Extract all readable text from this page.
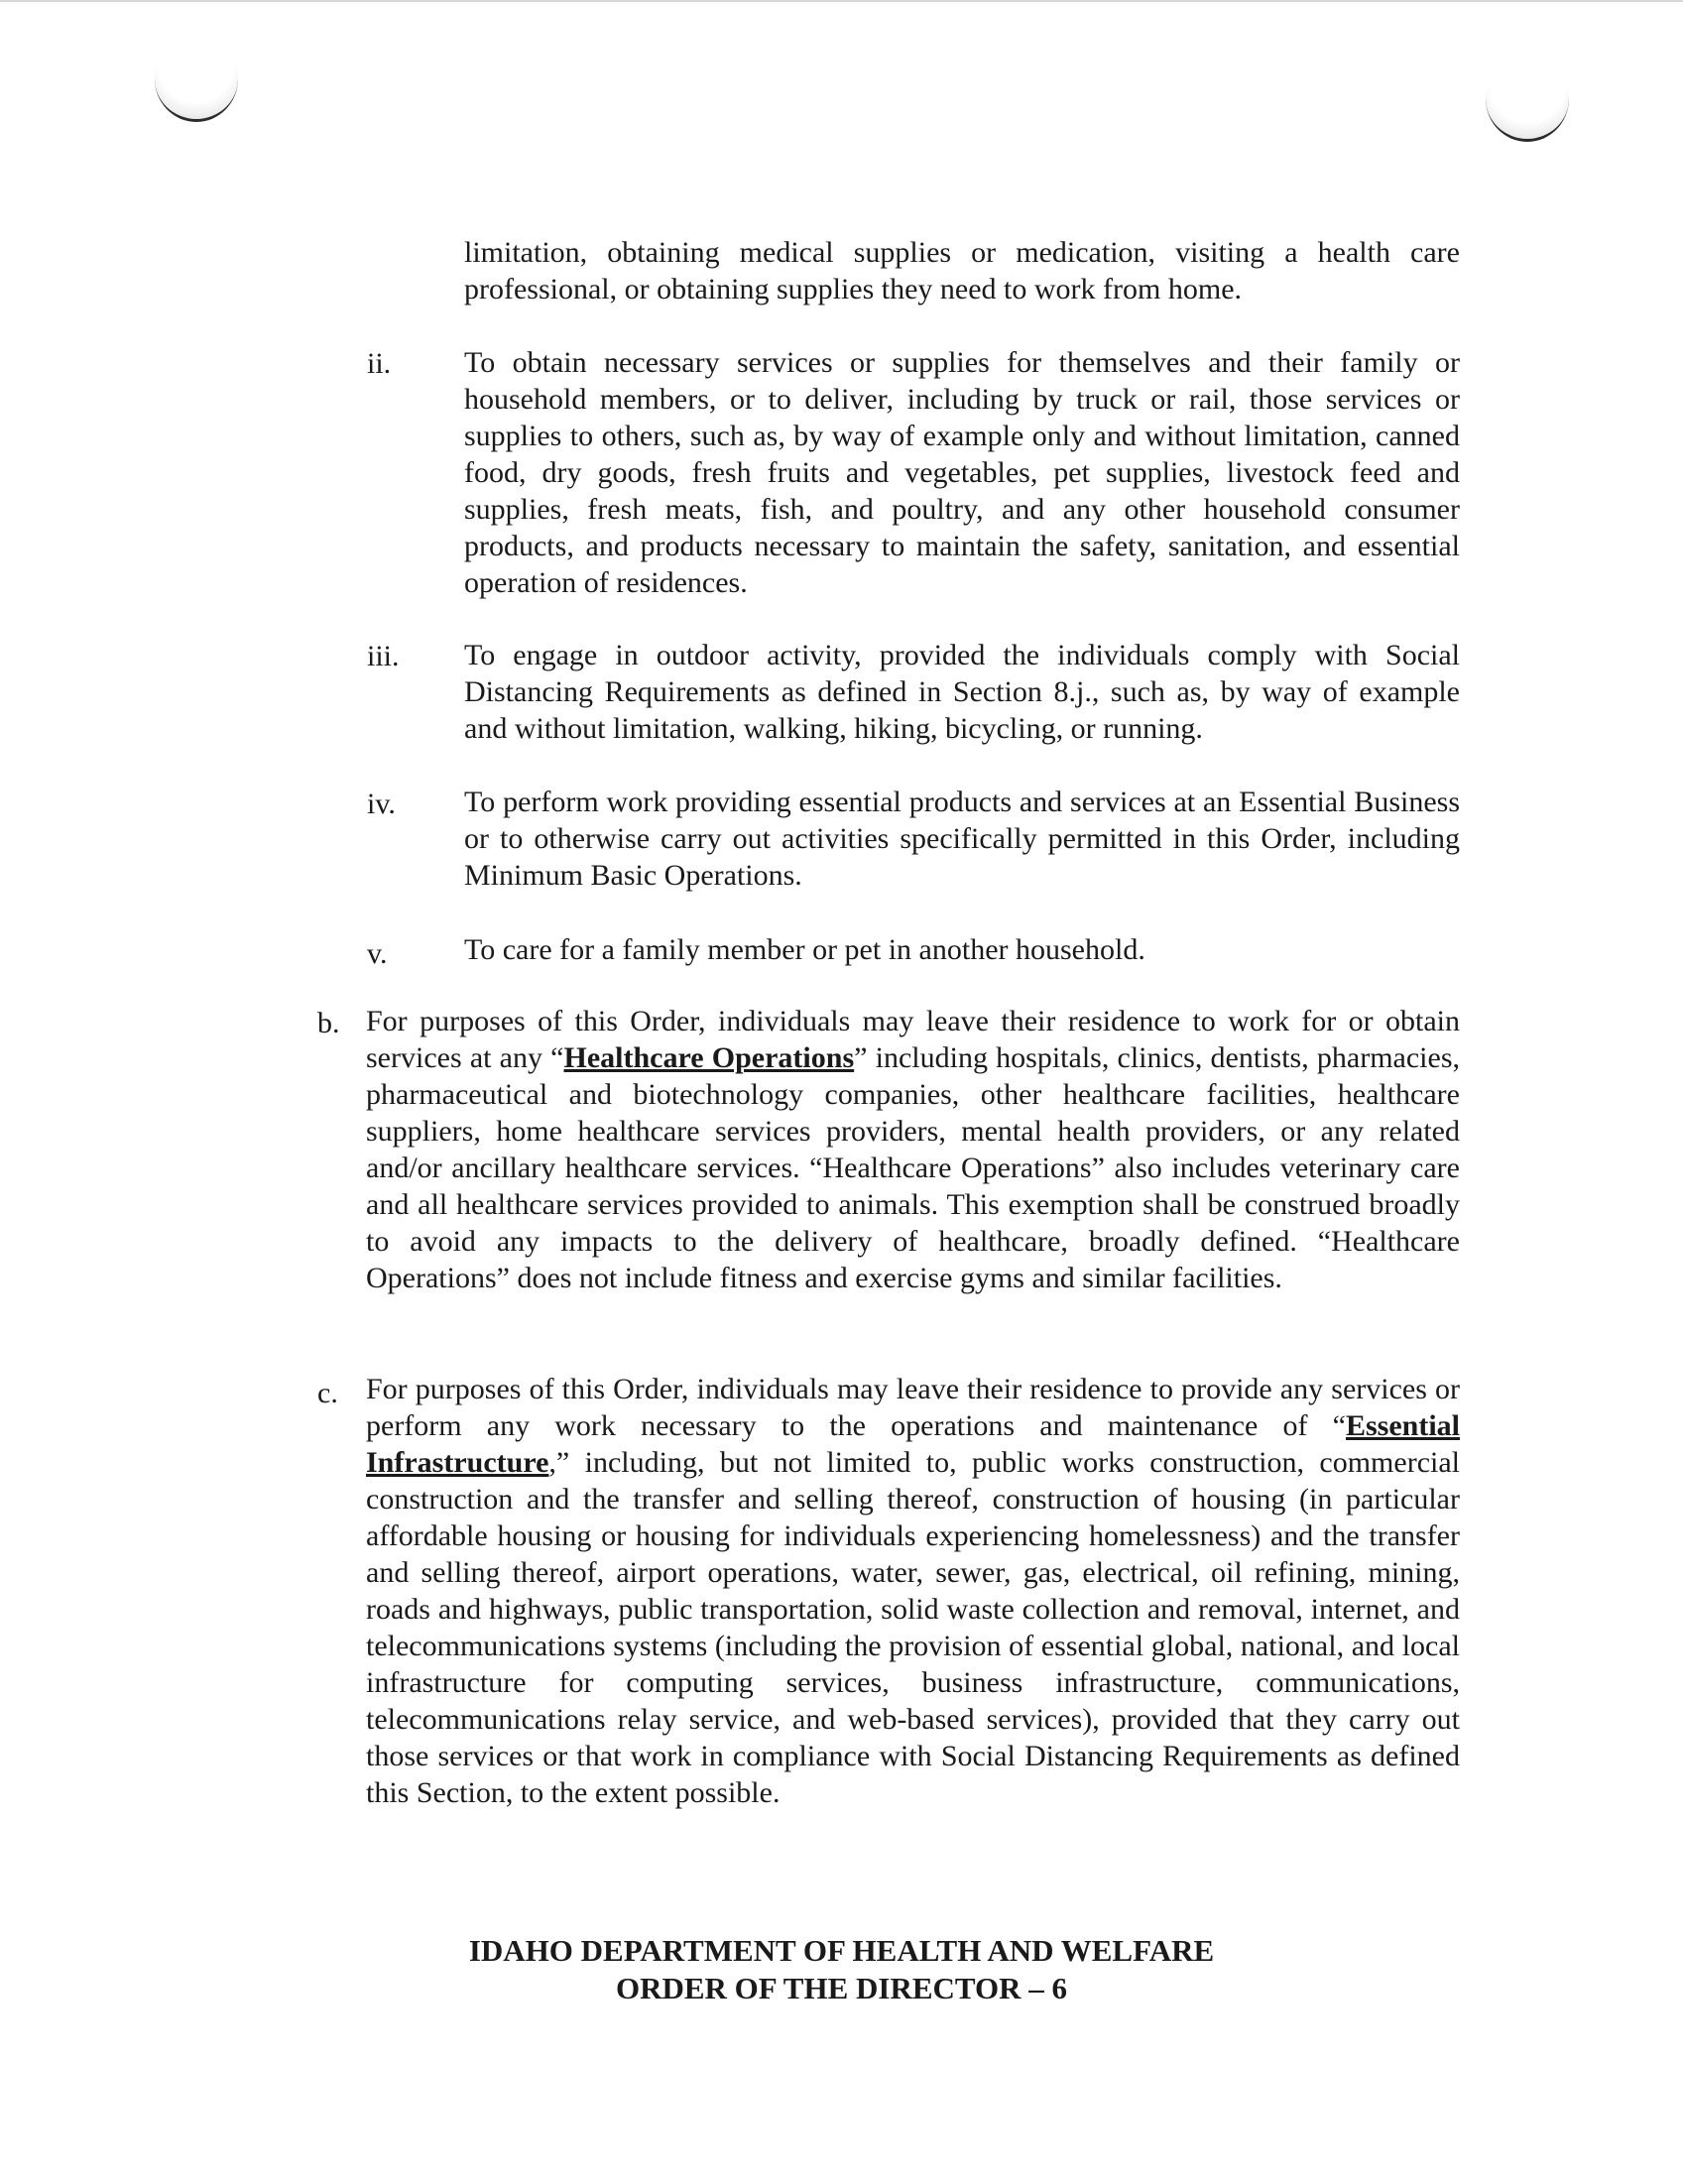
limitation, obtaining medical supplies or medication, visiting a health care professional, or obtaining supplies they need to work from home.

ii. To obtain necessary services or supplies for themselves and their family or household members, or to deliver, including by truck or rail, those services or supplies to others, such as, by way of example only and without limitation, canned food, dry goods, fresh fruits and vegetables, pet supplies, livestock feed and supplies, fresh meats, fish, and poultry, and any other household consumer products, and products necessary to maintain the safety, sanitation, and essential operation of residences.

iii. To engage in outdoor activity, provided the individuals comply with Social Distancing Requirements as defined in Section 8.j., such as, by way of example and without limitation, walking, hiking, bicycling, or running.

iv. To perform work providing essential products and services at an Essential Business or to otherwise carry out activities specifically permitted in this Order, including Minimum Basic Operations.

v.	To care for a family member or pet in another household.

b. For purposes of this Order, individuals may leave their residence to work for or obtain services at any “Healthcare Operations” including hospitals, clinics, dentists, pharmacies, pharmaceutical and biotechnology companies, other healthcare facilities, healthcare suppliers, home healthcare services providers, mental health providers, or any related and/or ancillary healthcare services. “Healthcare Operations” also includes veterinary care and all healthcare services provided to animals. This exemption shall be construed broadly to avoid any impacts to the delivery of healthcare, broadly defined. “Healthcare Operations” does not include fitness and exercise gyms and similar facilities.

c. For purposes of this Order, individuals may leave their residence to provide any services or perform any work necessary to the operations and maintenance of “Essential Infrastructure,” including, but not limited to, public works construction, commercial construction and the transfer and selling thereof, construction of housing (in particular affordable housing or housing for individuals experiencing homelessness) and the transfer and selling thereof, airport operations, water, sewer, gas, electrical, oil refining, mining, roads and highways, public transportation, solid waste collection and removal, internet, and telecommunications systems (including the provision of essential global, national, and local infrastructure for computing services, business infrastructure, communications, telecommunications relay service, and web-based services), provided that they carry out those services or that work in compliance with Social Distancing Requirements as defined this Section, to the extent possible.

IDAHO DEPARTMENT OF HEALTH AND WELFARE

ORDER OF THE DIRECTOR – 6
